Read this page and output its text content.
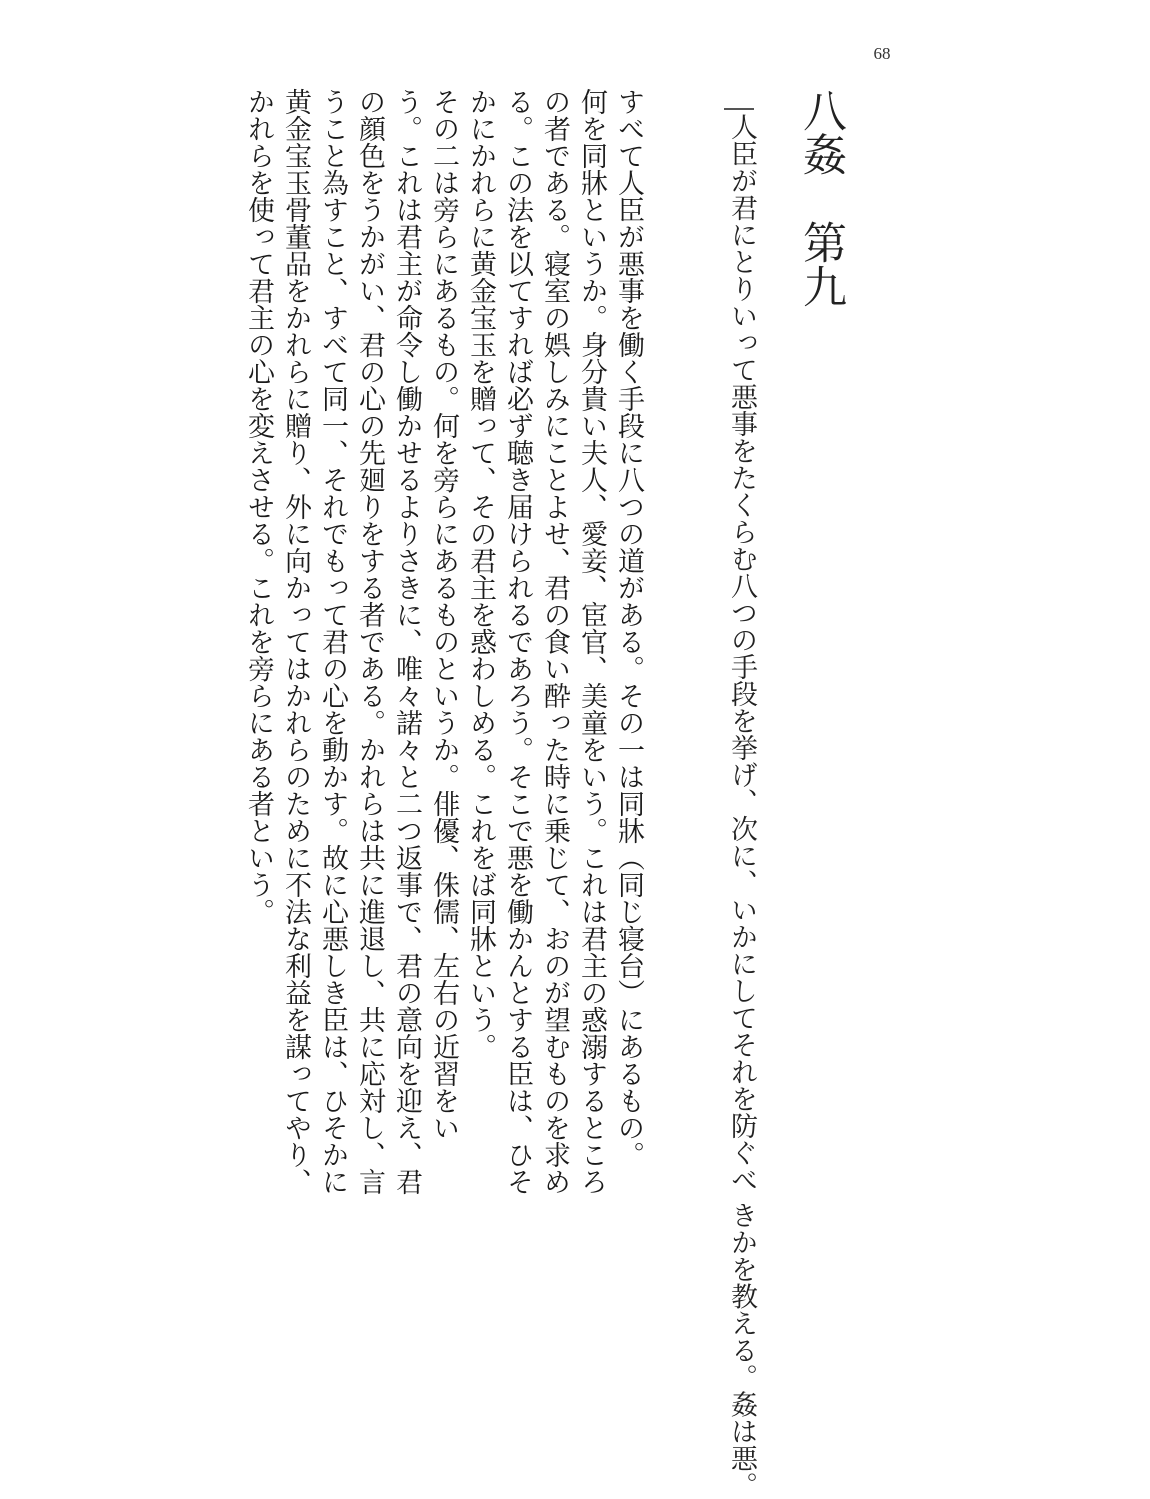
68
八姦　第九
人臣が君にとりいって悪事をたくらむ八つの手段を挙げ、次に、いかにしてそれを防ぐべ きかを教える。姦は悪。
すべて人臣が悪事を働く手段に八つの道がある。その一は同牀（同じ寝台）にあるもの。
何を同牀というか。身分貴い夫人、愛妾、宦官、美童をいう。これは君主の惑溺するところ
の者である。寝室の娯しみにことよせ、君の食い酔った時に乗じて、おのが望むものを求め
る。この法を以てすれば必ず聴き届けられるであろう。そこで悪を働かんとする臣は、ひそ
かにかれらに黄金宝玉を贈って、その君主を惑わしめる。これをば同牀という。
その二は旁らにあるもの。何を旁らにあるものというか。俳優、侏儒、左右の近習をい
う。これは君主が命令し働かせるよりさきに、唯々諾々と二つ返事で、君の意向を迎え、君
の顔色をうかがい、君の心の先廻りをする者である。かれらは共に進退し、共に応対し、言
うこと為すこと、すべて同一、それでもって君の心を動かす。故に心悪しき臣は、ひそかに
黄金宝玉骨董品をかれらに贈り、外に向かってはかれらのために不法な利益を謀ってやり、
かれらを使って君主の心を変えさせる。これを旁らにある者という。
